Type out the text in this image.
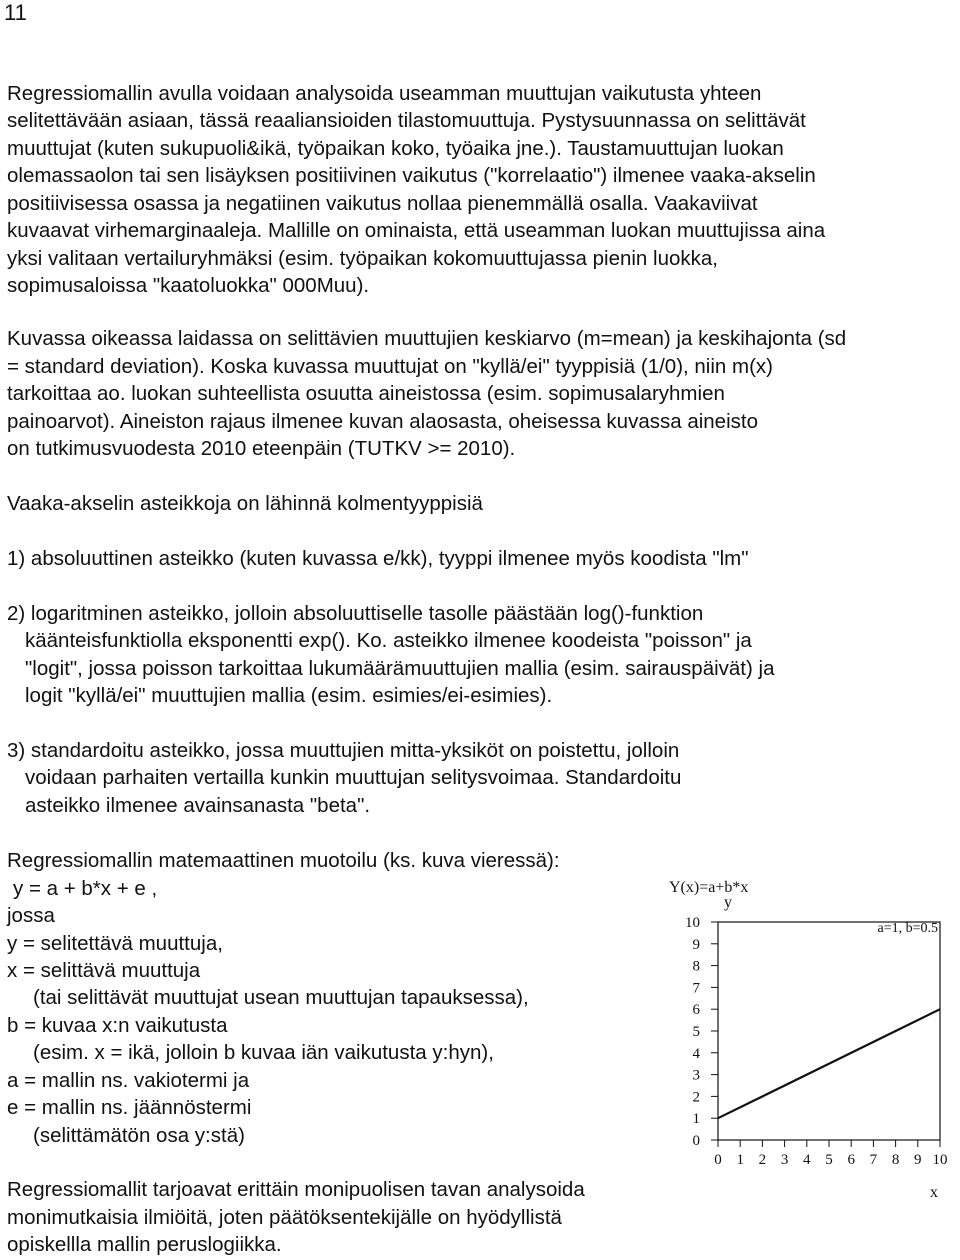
11
Regressiomallin avulla voidaan analysoida useamman muuttujan vaikutusta yhteen
selitettävään asiaan, tässä reaaliansioiden tilastomuuttuja. Pystysuunnassa on selittävät
muuttujat (kuten sukupuoli&ikä, työpaikan koko, työaika jne.). Taustamuuttujan luokan
olemassaolon tai sen lisäyksen positiivinen vaikutus ("korrelaatio") ilmenee vaaka-akselin
positiivisessa osassa ja negatiinen vaikutus nollaa pienemmällä osalla. Vaakaviivat
kuvaavat virhemarginaaleja. Mallille on ominaista, että useamman luokan muuttujissa aina
yksi valitaan vertailuryhmäksi (esim. työpaikan kokomuuttujassa pienin luokka,
sopimusaloissa "kaatoluokka" 000Muu).
Kuvassa oikeassa laidassa on selittävien muuttujien keskiarvo (m=mean) ja keskihajonta (sd
= standard deviation). Koska kuvassa muuttujat on "kyllä/ei" tyyppisiä (1/0), niin m(x)
tarkoittaa ao. luokan suhteellista osuutta aineistossa (esim. sopimusalaryhmien
painoarvot). Aineiston rajaus ilmenee kuvan alaosasta, oheisessa kuvassa aineisto
on tutkimusvuodesta 2010 eteenpäin (TUTKV >= 2010).
Vaaka-akselin asteikkoja on lähinnä kolmentyyppisiä
1) absoluuttinen asteikko (kuten kuvassa e/kk), tyyppi ilmenee myös koodista "lm"
2) logaritminen asteikko, jolloin absoluuttiselle tasolle päästään log()-funktion
kääntеisfunktiolla eksponentti exp(). Ko. asteikko ilmenee koodeista "poisson" ja
"logit", jossa poisson tarkoittaa lukumäärämuuttujien mallia (esim. sairauspäivät) ja
logit "kyllä/ei" muuttujien mallia (esim. esimies/ei-esimies).
3) standardoitu asteikko, jossa muuttujien mitta-yksiköt on poistettu, jolloin
voidaan parhaiten vertailla kunkin muuttujan selitysvoimaa. Standardoitu
asteikko ilmenee avainsanasta "beta".
Regressiomallin matemaattinen muotoilu (ks. kuva vieressä):
y = a + b*x + e ,
jossa
y = selitettävä muuttuja,
x = selittävä muuttuja
(tai selittävät muuttujat usean muuttujan tapauksessa),
b = kuvaa x:n vaikutusta
(esim. x = ikä, jolloin b kuvaa iän vaikutusta y:hyn),
a = mallin ns. vakiotermi ja
e = mallin ns. jäännöstermi
(selittämätön osa y:stä)
Regressiomallit tarjoavat erittäin monipuolisen tavan analysoida
monimutkaisia ilmiöitä, joten päätöksentekijälle on hyödyllistä
opiskellla mallin peruslogiikka.
Y(x)=a+b*x
y
x
0 1 2 3 4 5 6 7 8 9 10
0
1
2
3
4
5
6
7
8
9
10	a=1, b=0.5
